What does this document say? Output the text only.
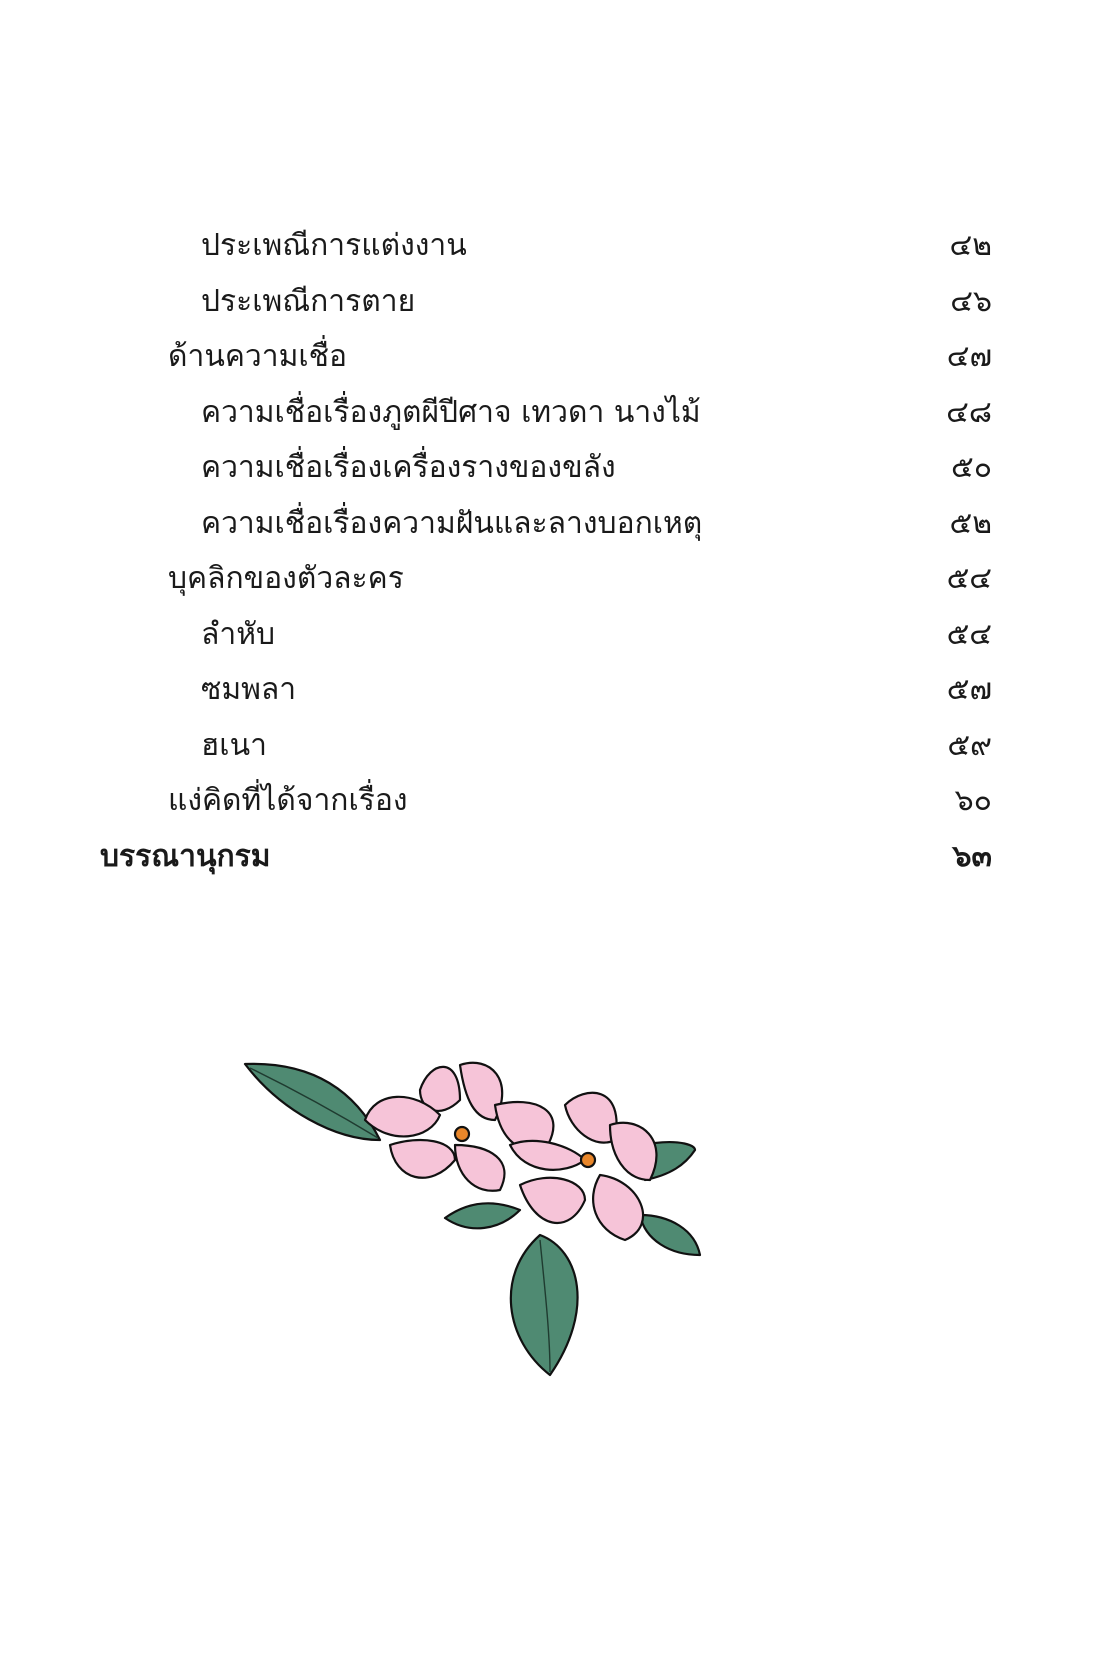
ประเพณีการแต่งงาน	๔๒
ประเพณีการตาย	๔๖
ด้านความเชื่อ	๔๗
ความเชื่อเรื่องภูตผีปีศาจ เทวดา นางไม้	๔๘
ความเชื่อเรื่องเครื่องรางของขลัง	๕๐
ความเชื่อเรื่องความฝันและลางบอกเหตุ	๕๒
บุคลิกของตัวละคร	๕๔
ลำหับ	๕๔
ซมพลา	๕๗
ฮเนา	๕๙
แง่คิดที่ได้จากเรื่อง	๖๐
บรรณานุกรม	๖๓
